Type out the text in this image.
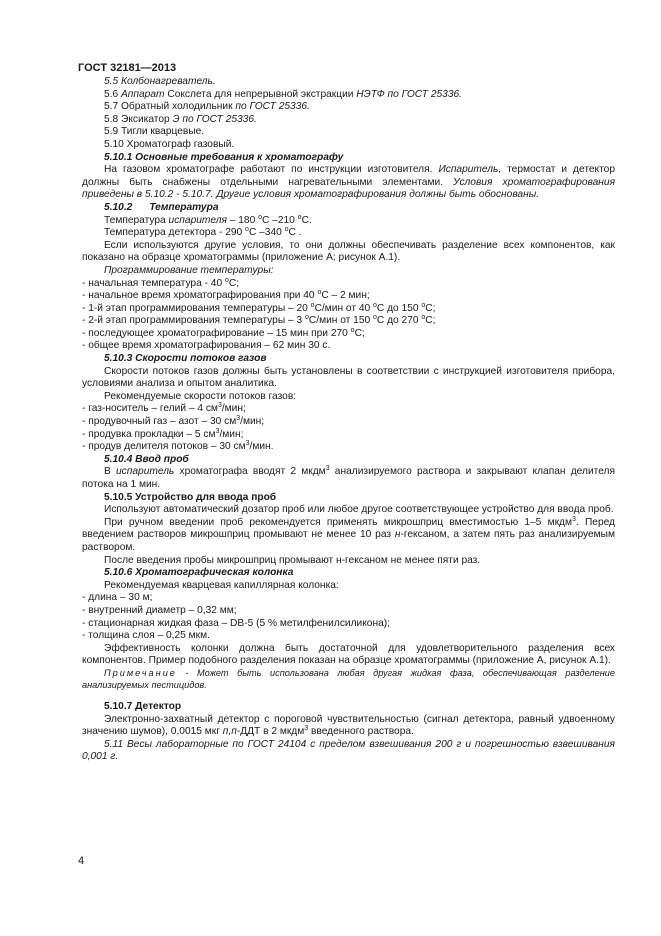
ГОСТ 32181—2013

5.5 Колбонагреватель.

5.6 Аппарат Сокслета для непрерывной экстракции НЭТФ по ГОСТ 25336.

5.7 Обратный холодильник по ГОСТ 25336.

5.8 Эксикатор Э по ГОСТ 25336.

5.9 Тигли кварцевые.

5.10 Хроматограф газовый.

5.10.1 Основные требования к хроматографу

На газовом хроматографе работают по инструкции изготовителя. Испаритель, термостат и детектор должны быть снабжены отдельными нагревательными элементами. Условия хроматографирования приведены в 5.10.2 - 5.10.7. Другие условия хроматографирования должны быть обоснованы.

5.10.2 Температура

Температура испарителя – 180 $^о$С –210 $^о$С.

Температура детектора - 290 $^о$С –340 $^о$С .

Если используются другие условия, то они должны обеспечивать разделение всех компонентов, как показано на образце хроматограммы (приложение А; рисунок А.1).

Программирование температуры:

- начальная температура - 40 $^о$С;

- начальное время хроматографирования при 40 $^о$С – 2 мин;

- 1-й этап программирования температуры – 20 $^о$С/мин от 40 $^о$С до 150 $^о$С;

- 2-й этап программирования температуры – 3 $^о$С/мин от 150 $^о$С до 270 $^о$С;

- последующее хроматографирование – 15 мин при 270 $^о$С;

- общее время хроматографирования – 62 мин 30 с.

5.10.3 Скорости потоков газов

Скорости потоков газов должны быть установлены в соответствии с инструкцией изготовителя прибора, условиями анализа и опытом аналитика.

Рекомендуемые скорости потоков газов:

- газ-носитель – гелий – 4 $см^3$/мин;

- продувочный газ – азот – 30 $см^3$/мин;

- продувка прокладки – 5 $см^3$/мин;

- продув делителя потоков – 30 $см^3$/мин.

5.10.4 Ввод проб

В испаритель хроматографа вводят 2 мкдм$^3$ анализируемого раствора и закрывают клапан делителя потока на 1 мин.

5.10.5 Устройство для ввода проб

Используют автоматический дозатор проб или любое другое соответствующее устройство для ввода проб.

При ручном введении проб рекомендуется применять микрошприц вместимостью 1–5 мкдм$^3$. Перед введением растворов микрошприц промывают не менее 10 раз н-гексаном, а затем пять раз анализируемым раствором.

После введения пробы микрошприц промывают н-гексаном не менее пяти раз.

5.10.6 Хроматографическая колонка

Рекомендуемая кварцевая капиллярная колонка:

- длина – 30 м;

- внутренний диаметр – 0,32 мм;

- стационарная жидкая фаза – DB-5 (5 % метилфенилсиликона);

- толщина слоя – 0,25 мкм.

Эффективность колонки должна быть достаточной для удовлетворительного разделения всех компонентов. Пример подобного разделения показан на образце хроматограммы (приложение А, рисунок А.1).

Примечание - Может быть использована любая другая жидкая фаза, обеспечивающая разделение анализируемых пестицидов.

5.10.7 Детектор

Электронно-захватный детектор с пороговой чувствительностью (сигнал детектора, равный удвоенному значению шумов), 0,0015 мкг п,п-ДДТ в 2 мкдм$^3$ введенного раствора.

5.11 Весы лабораторные по ГОСТ 24104 с пределом взвешивания 200 г и погрешностью взвешивания 0,001 г.

4
